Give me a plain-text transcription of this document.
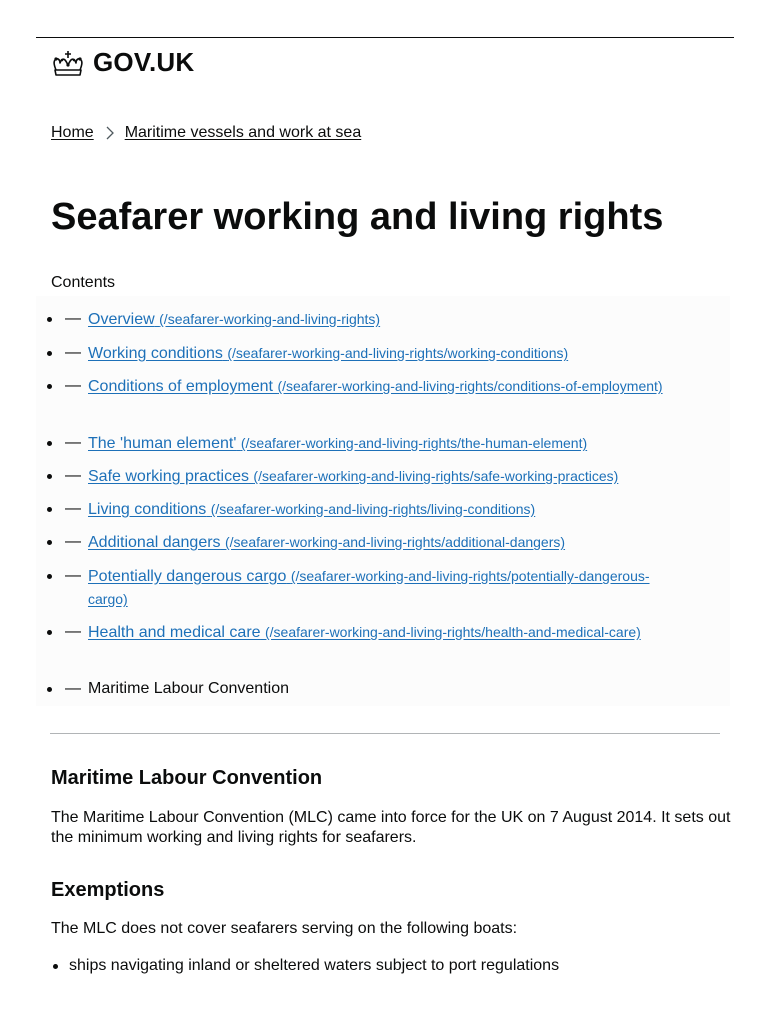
GOV.UK
Home Maritime vessels and work at sea
Seafarer working and living rights
Contents
— Overview (/seafarer-working-and-living-rights)
— Working conditions (/seafarer-working-and-living-rights/working-conditions)
— Conditions of employment (/seafarer-working-and-living-rights/conditions-of-employment)
— The 'human element' (/seafarer-working-and-living-rights/the-human-element)
— Safe working practices (/seafarer-working-and-living-rights/safe-working-practices)
— Living conditions (/seafarer-working-and-living-rights/living-conditions)
— Additional dangers (/seafarer-working-and-living-rights/additional-dangers)
— Potentially dangerous cargo (/seafarer-working-and-living-rights/potentially-dangerous-cargo)
— Health and medical care (/seafarer-working-and-living-rights/health-and-medical-care)
— Maritime Labour Convention
Maritime Labour Convention

The Maritime Labour Convention (MLC) came into force for the UK on 7 August 2014. It sets out the minimum working and living rights for seafarers.

Exemptions

The MLC does not cover seafarers serving on the following boats:

ships navigating inland or sheltered waters subject to port regulations
